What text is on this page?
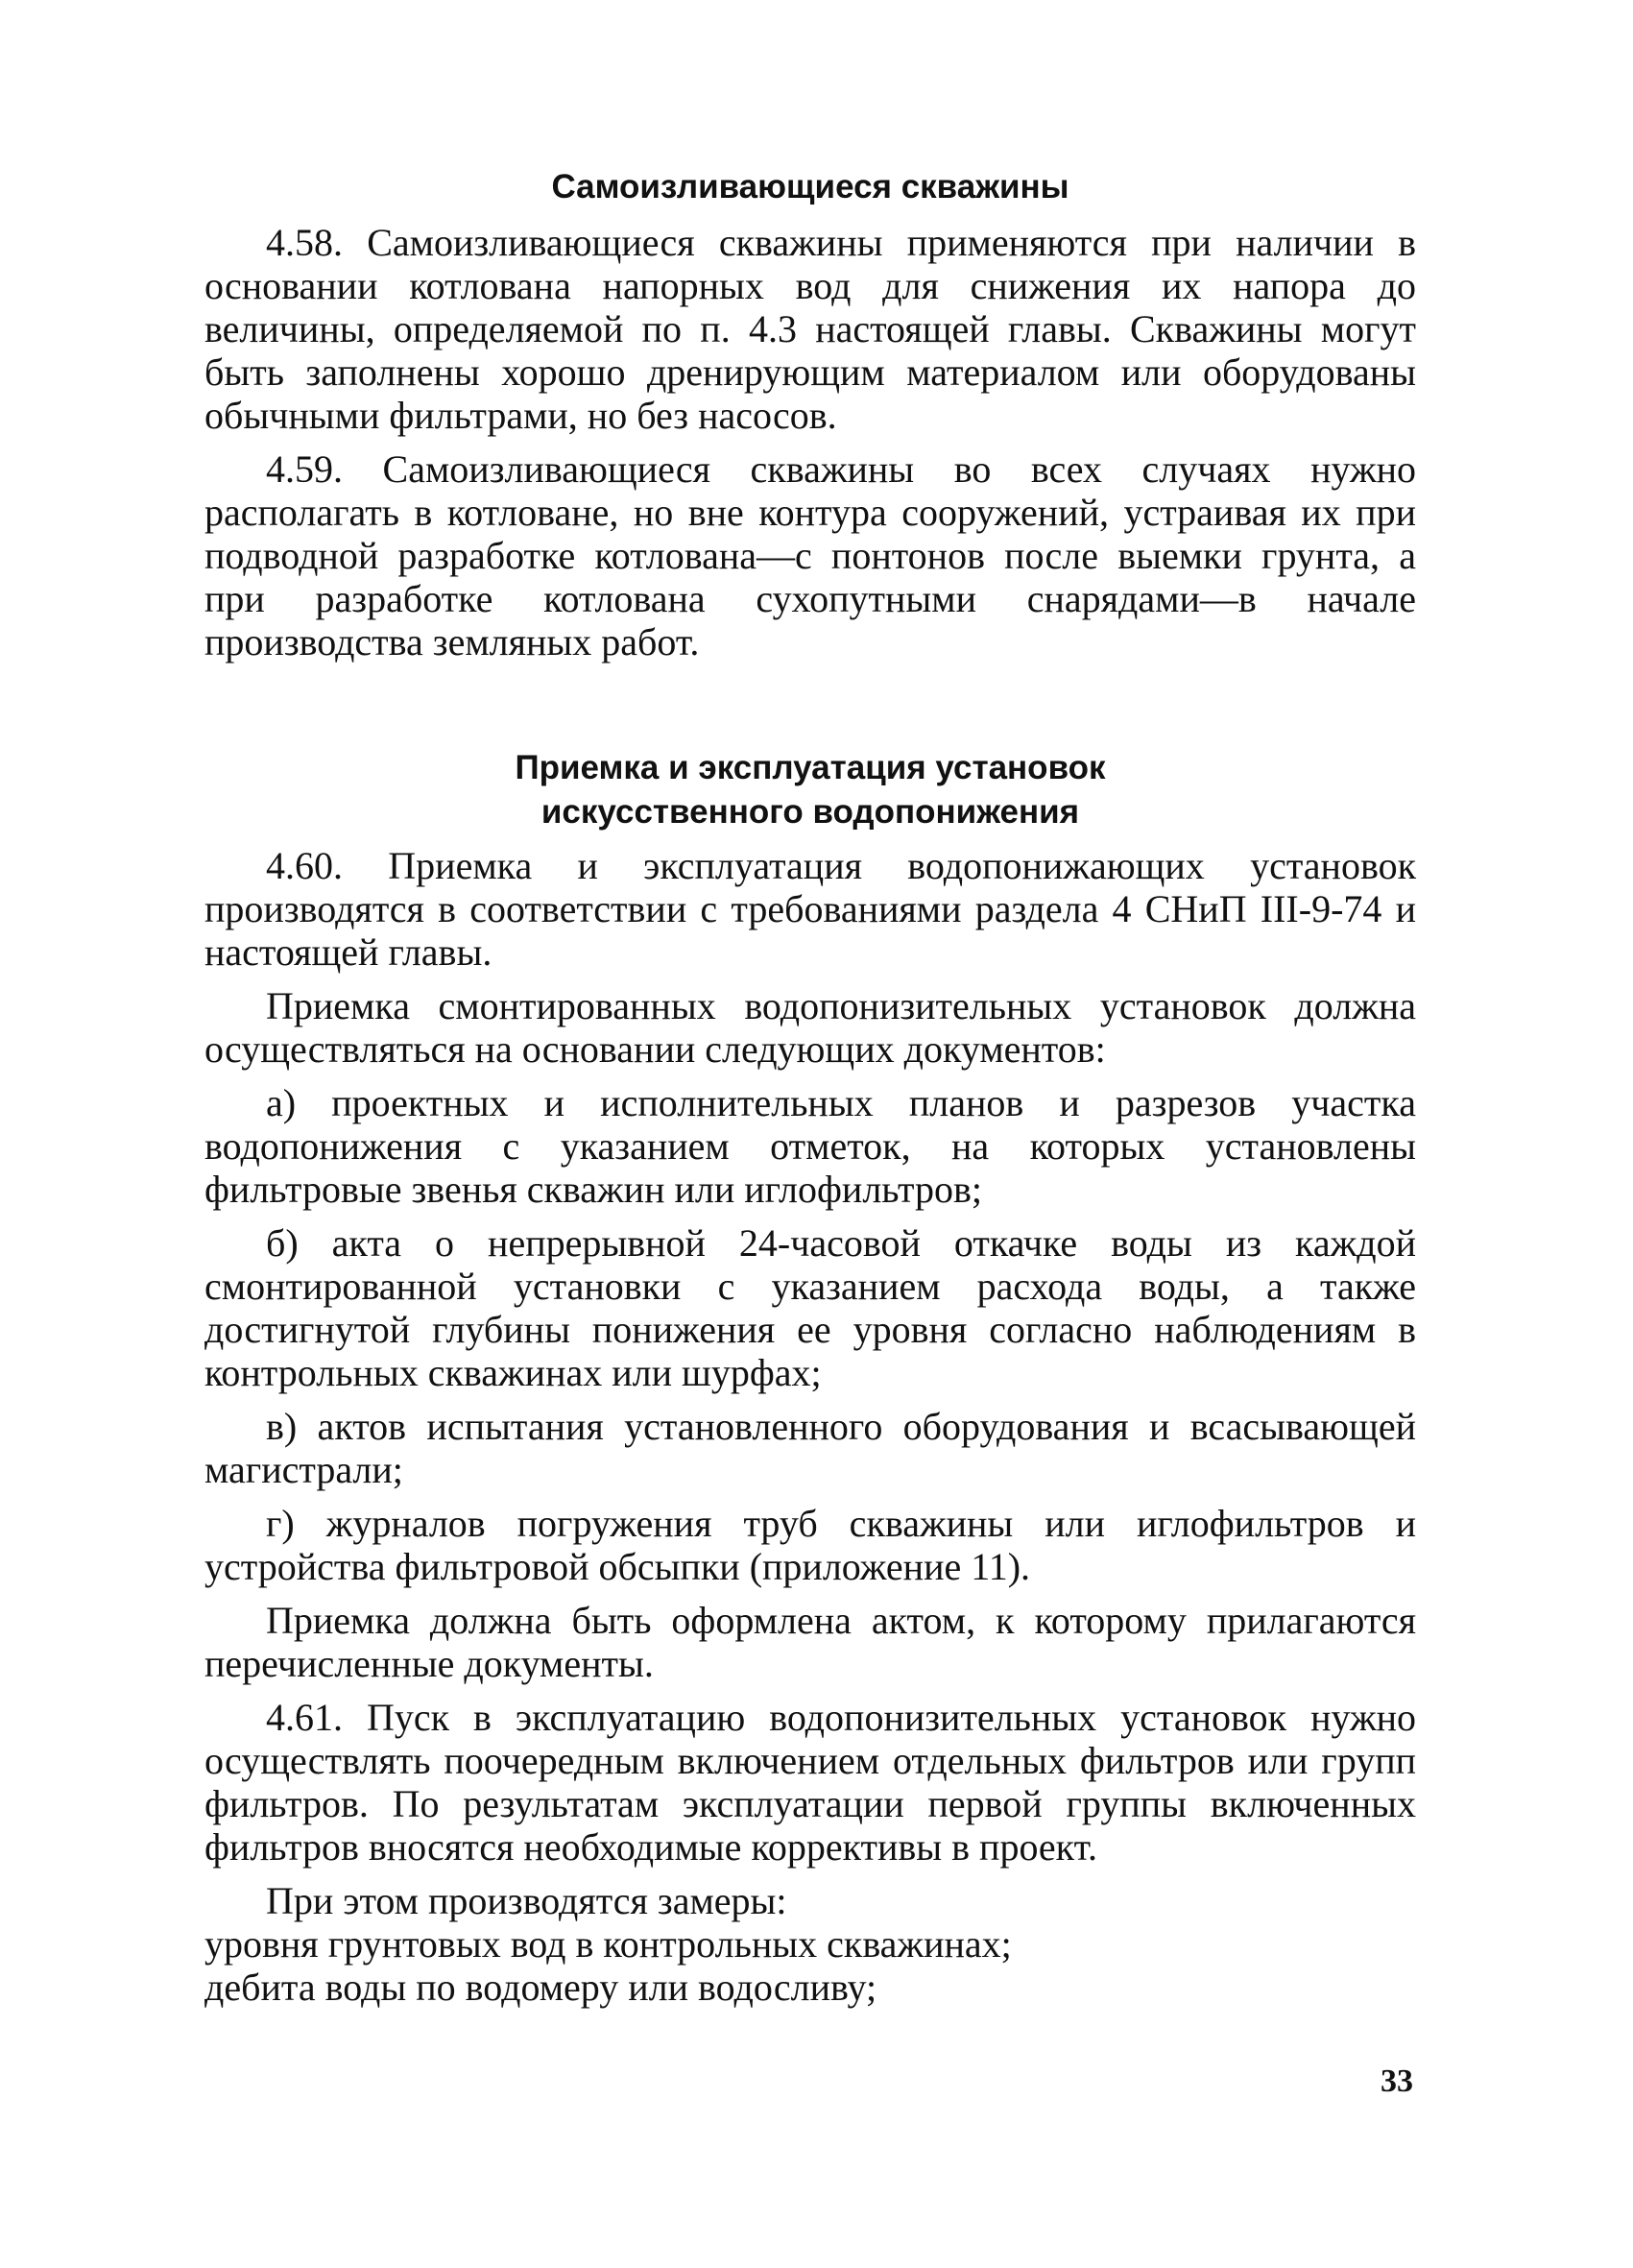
Самоизливающиеся скважины

4.58. Самоизливающиеся скважины применяются при наличии в основании котлована напорных вод для снижения их напора до величины, определяемой по п. 4.3 настоящей главы. Скважины могут быть заполнены хорошо дренирующим материалом или оборудованы обычными фильтрами, но без насосов.

4.59. Самоизливающиеся скважины во всех случаях нужно располагать в котловане, но вне контура сооружений, устраивая их при подводной разработке котлована—с понтонов после выемки грунта, а при разработке котлована сухопутными снарядами—в начале производства земляных работ.

Приемка и эксплуатация установок
искусственного водопонижения

4.60. Приемка и эксплуатация водопонижающих установок производятся в соответствии с требованиями раздела 4 СНиП III-9-74 и настоящей главы.

Приемка смонтированных водопонизительных установок должна осуществляться на основании следующих документов:

а) проектных и исполнительных планов и разрезов участка водопонижения с указанием отметок, на которых установлены фильтровые звенья скважин или иглофильтров;

б) акта о непрерывной 24-часовой откачке воды из каждой смонтированной установки с указанием расхода воды, а также достигнутой глубины понижения ее уровня согласно наблюдениям в контрольных скважинах или шурфах;

в) актов испытания установленного оборудования и всасывающей магистрали;

г) журналов погружения труб скважины или иглофильтров и устройства фильтровой обсыпки (приложение 11).

Приемка должна быть оформлена актом, к которому прилагаются перечисленные документы.

4.61. Пуск в эксплуатацию водопонизительных установок нужно осуществлять поочередным включением отдельных фильтров или групп фильтров. По результатам эксплуатации первой группы включенных фильтров вносятся необходимые коррективы в проект.

При этом производятся замеры:

уровня грунтовых вод в контрольных скважинах;

дебита воды по водомеру или водосливу;

33
